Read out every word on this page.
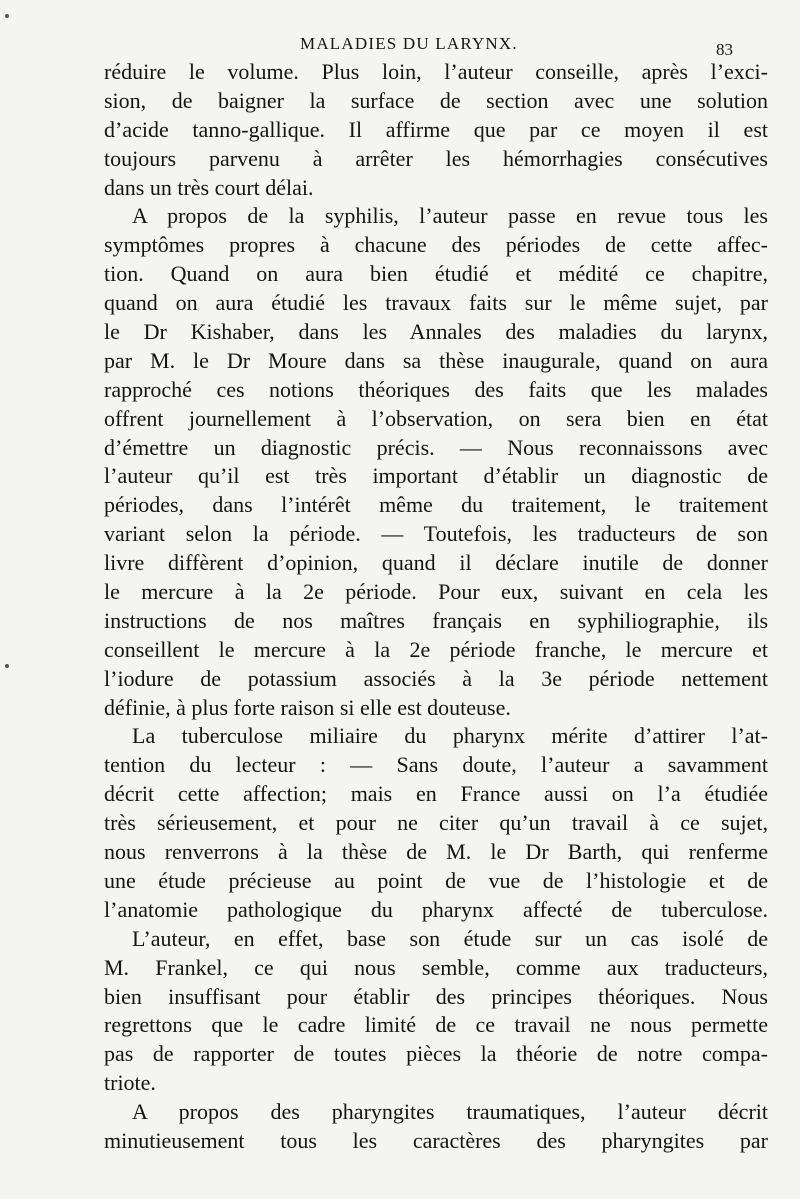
MALADIES DU LARYNX.	83
réduire le volume. Plus loin, l’auteur conseille, après l’exci-
sion, de baigner la surface de section avec une solution
d’acide tanno-gallique. Il affirme que par ce moyen il est
toujours parvenu à arrêter les hémorrhagies consécutives
dans un très court délai.
A propos de la syphilis, l’auteur passe en revue tous les
symptômes propres à chacune des périodes de cette affec-
tion. Quand on aura bien étudié et médité ce chapitre,
quand on aura étudié les travaux faits sur le même sujet, par
le Dr Kishaber, dans les Annales des maladies du larynx,
par M. le Dr Moure dans sa thèse inaugurale, quand on aura
rapproché ces notions théoriques des faits que les malades
offrent journellement à l’observation, on sera bien en état
d’émettre un diagnostic précis. — Nous reconnaissons avec
l’auteur qu’il est très important d’établir un diagnostic de
périodes, dans l’intérêt même du traitement, le traitement
variant selon la période. — Toutefois, les traducteurs de son
livre diffèrent d’opinion, quand il déclare inutile de donner
le mercure à la 2e période. Pour eux, suivant en cela les
instructions de nos maîtres français en syphiliographie, ils
conseillent le mercure à la 2e période franche, le mercure et
l’iodure de potassium associés à la 3e période nettement
définie, à plus forte raison si elle est douteuse.
La tuberculose miliaire du pharynx mérite d’attirer l’at-
tention du lecteur : — Sans doute, l’auteur a savamment
décrit cette affection; mais en France aussi on l’a étudiée
très sérieusement, et pour ne citer qu’un travail à ce sujet,
nous renverrons à la thèse de M. le Dr Barth, qui renferme
une étude précieuse au point de vue de l’histologie et de
l’anatomie pathologique du pharynx affecté de tuberculose.
L’auteur, en effet, base son étude sur un cas isolé de
M. Frankel, ce qui nous semble, comme aux traducteurs,
bien insuffisant pour établir des principes théoriques. Nous
regrettons que le cadre limité de ce travail ne nous permette
pas de rapporter de toutes pièces la théorie de notre compa-
triote.
A propos des pharyngites traumatiques, l’auteur décrit
minutieusement tous les caractères des pharyngites par
